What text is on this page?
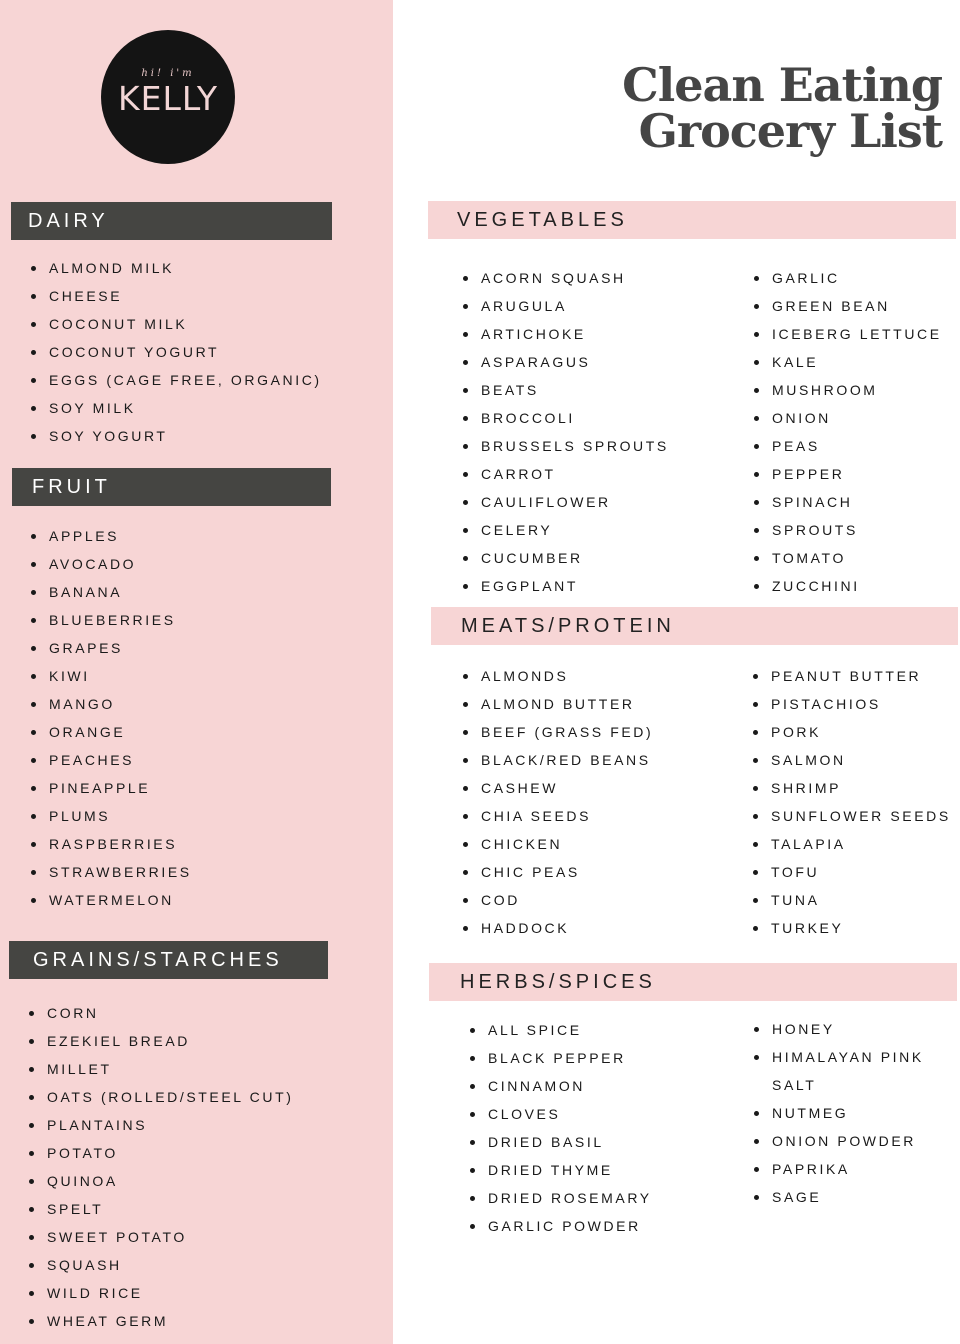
hi! i'm
KELLY	Clean Eating
Grocery List
DAIRY
ALMOND MILK
CHEESE
COCONUT MILK
COCONUT YOGURT
EGGS (CAGE FREE, ORGANIC)
SOY MILK
SOY YOGURT
FRUIT
APPLES
AVOCADO
BANANA
BLUEBERRIES
GRAPES
KIWI
MANGO
ORANGE
PEACHES
PINEAPPLE
PLUMS
RASPBERRIES
STRAWBERRIES
WATERMELON
GRAINS/STARCHES
CORN
EZEKIEL BREAD
MILLET
OATS (ROLLED/STEEL CUT)
PLANTAINS
POTATO
QUINOA
SPELT
SWEET POTATO
SQUASH
WILD RICE
WHEAT GERM
VEGETABLES
ACORN SQUASH
ARUGULA
ARTICHOKE
ASPARAGUS
BEATS
BROCCOLI
BRUSSELS SPROUTS
CARROT
CAULIFLOWER
CELERY
CUCUMBER
EGGPLANT
GARLIC
GREEN BEAN
ICEBERG LETTUCE
KALE
MUSHROOM
ONION
PEAS
PEPPER
SPINACH
SPROUTS
TOMATO
ZUCCHINI
MEATS/PROTEIN
ALMONDS
ALMOND BUTTER
BEEF (GRASS FED)
BLACK/RED BEANS
CASHEW
CHIA SEEDS
CHICKEN
CHIC PEAS
COD
HADDOCK
PEANUT BUTTER
PISTACHIOS
PORK
SALMON
SHRIMP
SUNFLOWER SEEDS
TALAPIA
TOFU
TUNA
TURKEY
HERBS/SPICES
ALL SPICE
BLACK PEPPER
CINNAMON
CLOVES
DRIED BASIL
DRIED THYME
DRIED ROSEMARY
GARLIC POWDER
HONEY
HIMALAYAN PINK
SALT
NUTMEG
ONION POWDER
PAPRIKA
SAGE
